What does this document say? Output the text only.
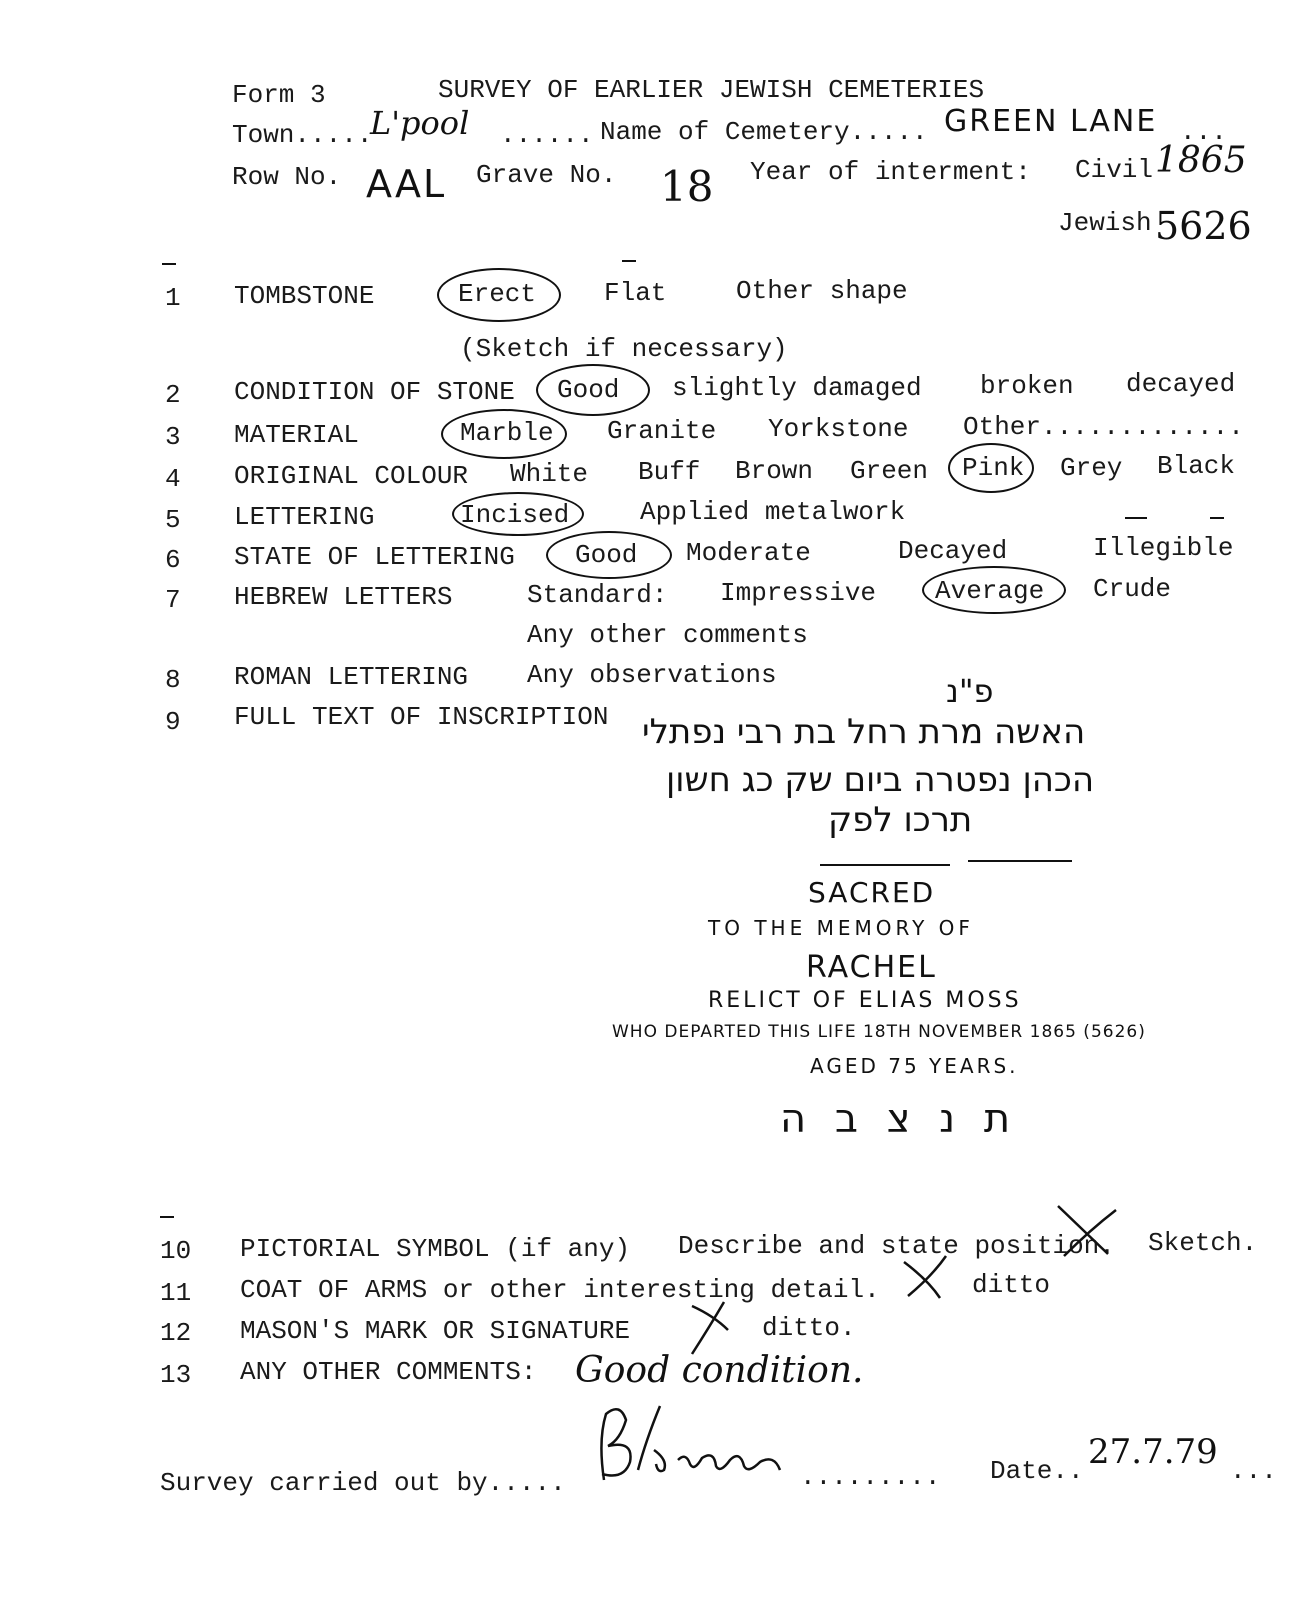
Form 3	SURVEY OF EARLIER JEWISH CEMETERIES
Town.....
L'pool ...... Name of Cemetery..... GREEN LANE ...
Row No. AAL Grave No. 18 Year of interment: Civil 1865
Jewish 5626
1 TOMBSTONE	Erect	Flat	Other shape
(Sketch if necessary)
2 CONDITION OF STONE Good slightly damaged broken decayed
3 MATERIAL	Marble Granite Yorkstone Other.............
4 ORIGINAL COLOUR White Buff Brown Green Pink Grey Black
5 LETTERING	Incised	Applied metalwork
6 STATE OF LETTERING Good Moderate	Decayed	Illegible
7 HEBREW LETTERS	Standard: Impressive Average Crude
Any other comments
8 ROMAN LETTERING Any observations
9 FULL TEXT OF INSCRIPTION
פ"נ
האשה מרת רחל בת רבי נפתלי
הכהן נפטרה ביום שק כג חשון
תרכו לפק
SACRED
TO THE MEMORY OF
RACHEL
RELICT OF ELIAS MOSS
WHO DEPARTED THIS LIFE 18TH NOVEMBER 1865 (5626)
AGED 75 YEARS.
ת נ צ ב ה
10 PICTORIAL SYMBOL (if any) Describe and state position. Sketch.
11 COAT OF ARMS or other interesting detail.	ditto
12 MASON'S MARK OR SIGNATURE	ditto.
13 ANY OTHER COMMENTS: Good condition.
Survey carried out by.....	......... Date.. 27.7.79 ...
